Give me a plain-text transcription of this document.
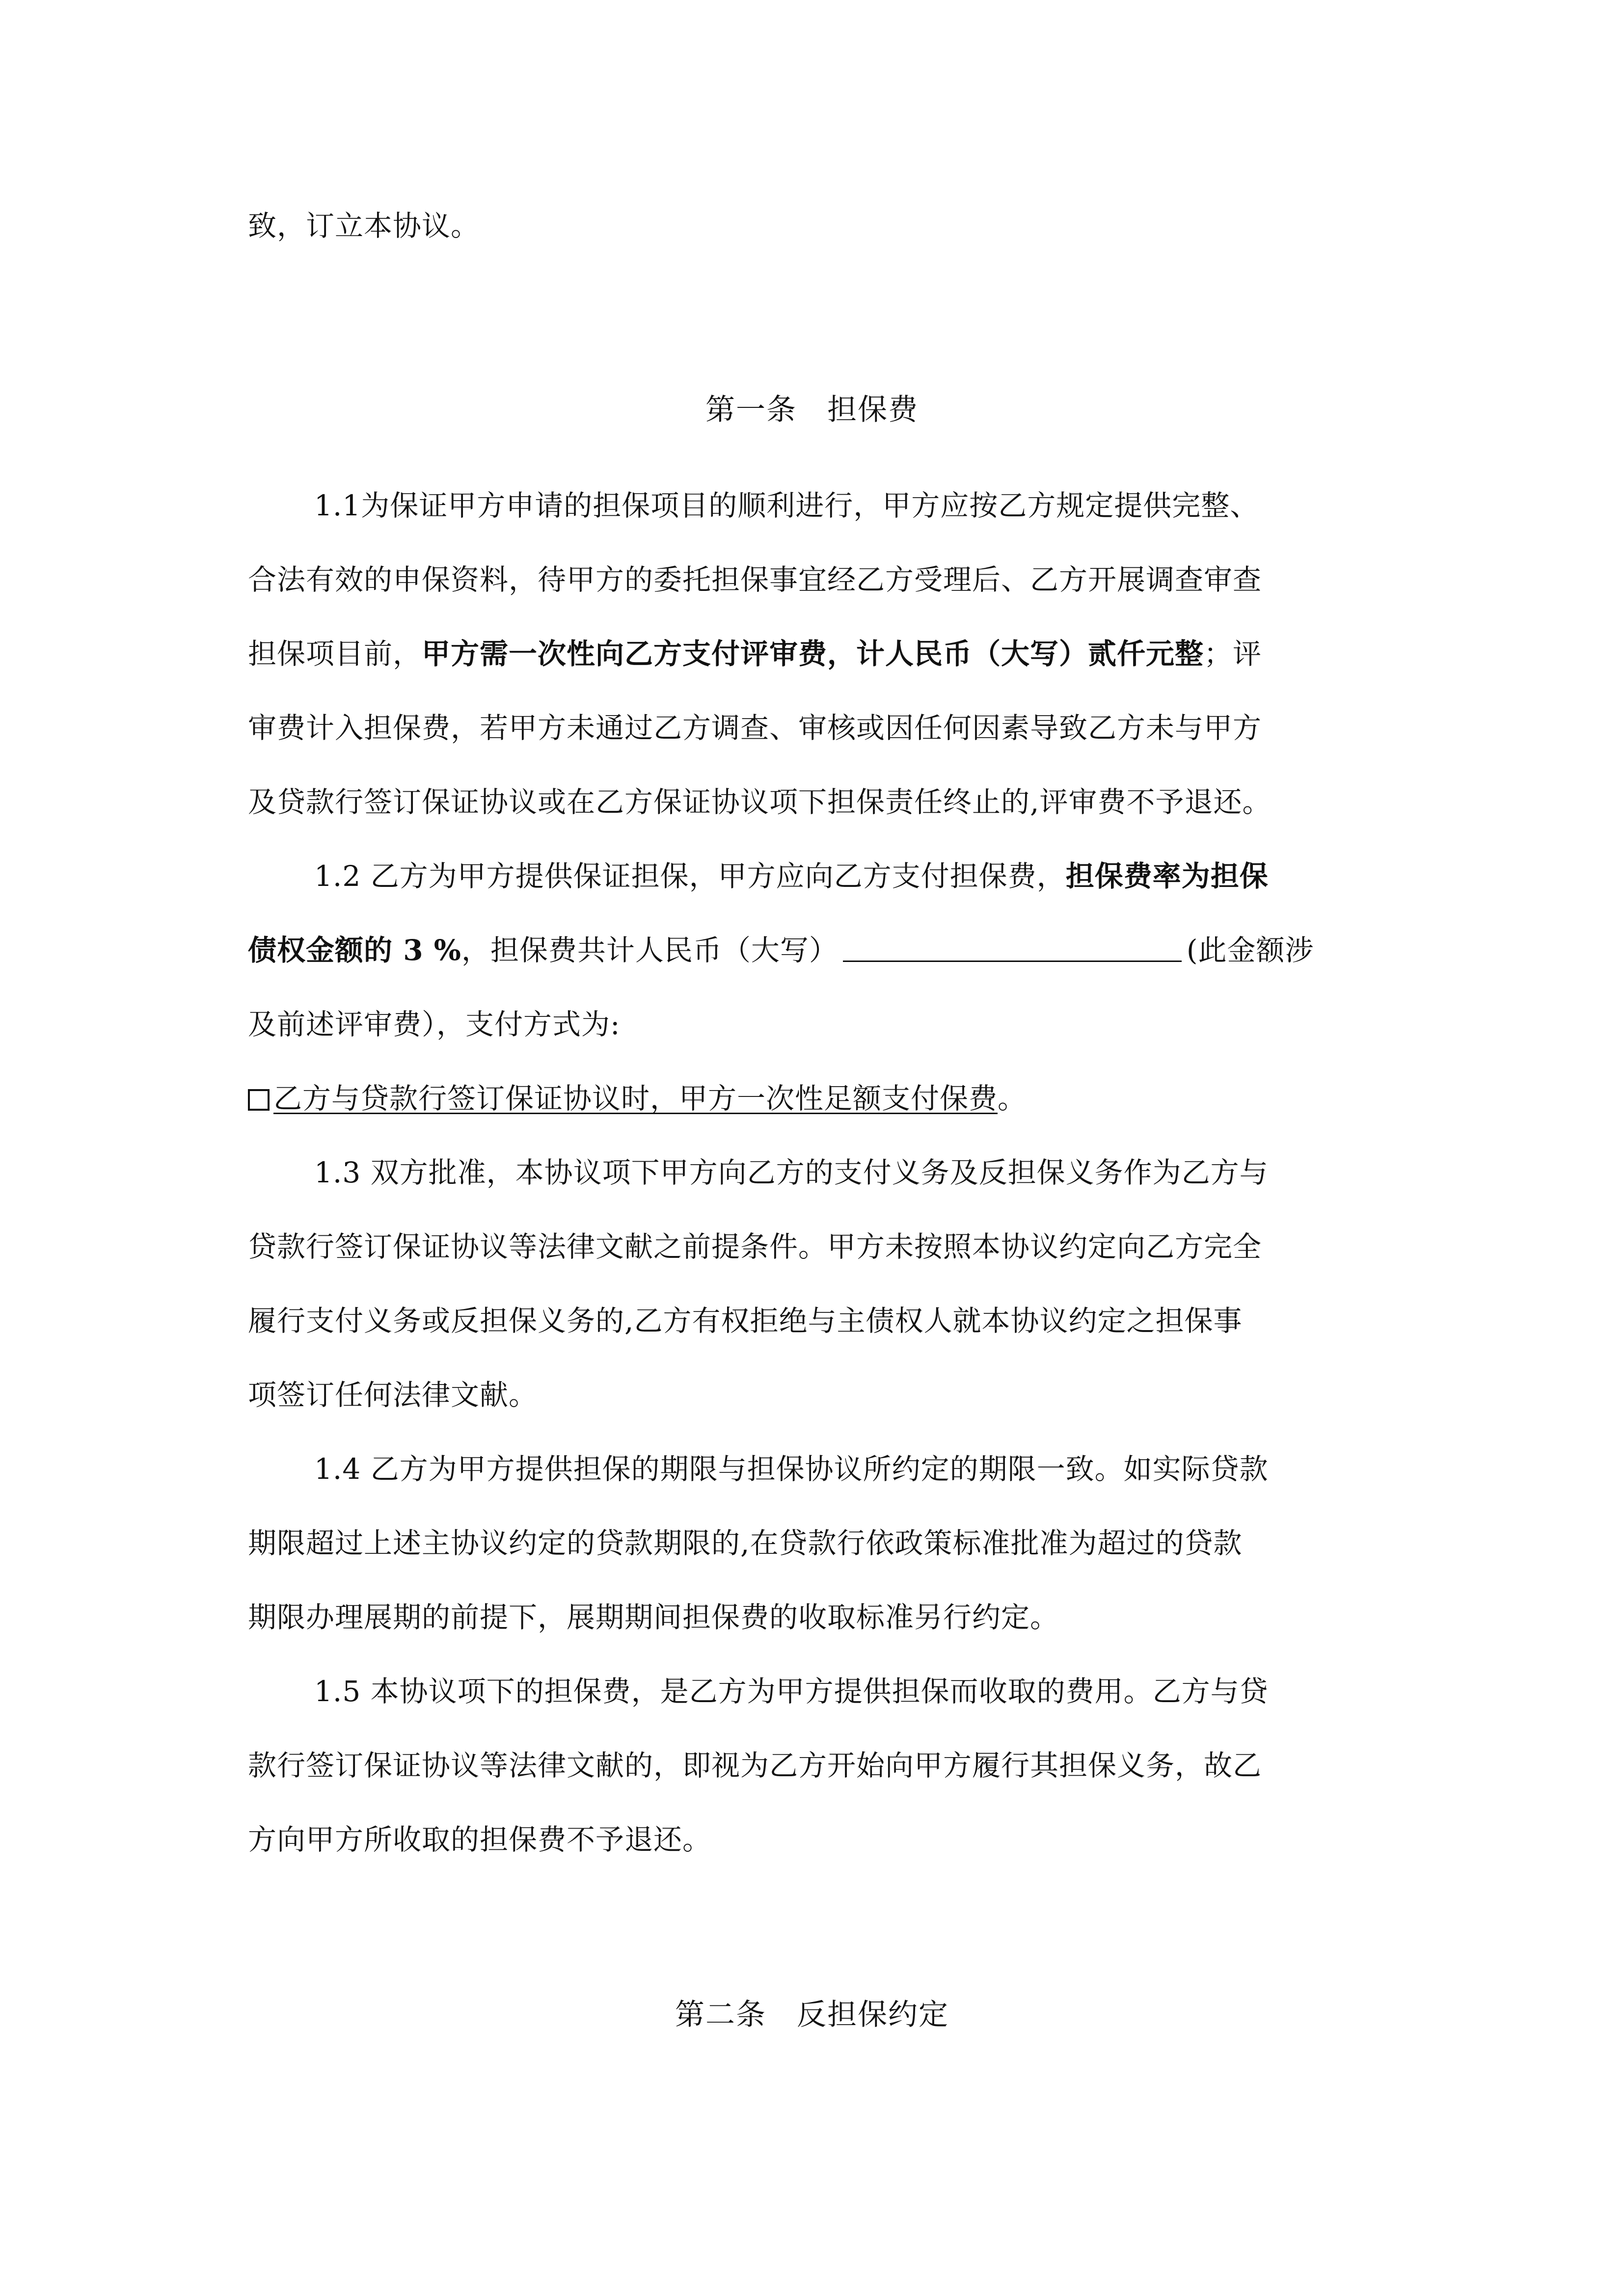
致，订立本协议。
第一条　担保费
1.1为保证甲方申请的担保项目的顺利进行，甲方应按乙方规定提供完整、
合法有效的申保资料，待甲方的委托担保事宜经乙方受理后、乙方开展调查审查
担保项目前，甲方需一次性向乙方支付评审费，计人民币（大写）贰仟元整；评
审费计入担保费，若甲方未通过乙方调查、审核或因任何因素导致乙方未与甲方
及贷款行签订保证协议或在乙方保证协议项下担保责任终止的,评审费不予退还。
1.2 乙方为甲方提供保证担保，甲方应向乙方支付担保费，担保费率为担保
债权金额的 3 %，担保费共计人民币（大写）	(此金额涉
及前述评审费），支付方式为:
乙方与贷款行签订保证协议时，甲方一次性足额支付保费。
1.3 双方批准，本协议项下甲方向乙方的支付义务及反担保义务作为乙方与
贷款行签订保证协议等法律文献之前提条件。甲方未按照本协议约定向乙方完全
履行支付义务或反担保义务的,乙方有权拒绝与主债权人就本协议约定之担保事
项签订任何法律文献。
1.4 乙方为甲方提供担保的期限与担保协议所约定的期限一致。如实际贷款
期限超过上述主协议约定的贷款期限的,在贷款行依政策标准批准为超过的贷款
期限办理展期的前提下，展期期间担保费的收取标准另行约定。
1.5 本协议项下的担保费，是乙方为甲方提供担保而收取的费用。乙方与贷
款行签订保证协议等法律文献的，即视为乙方开始向甲方履行其担保义务，故乙
方向甲方所收取的担保费不予退还。
第二条　反担保约定
